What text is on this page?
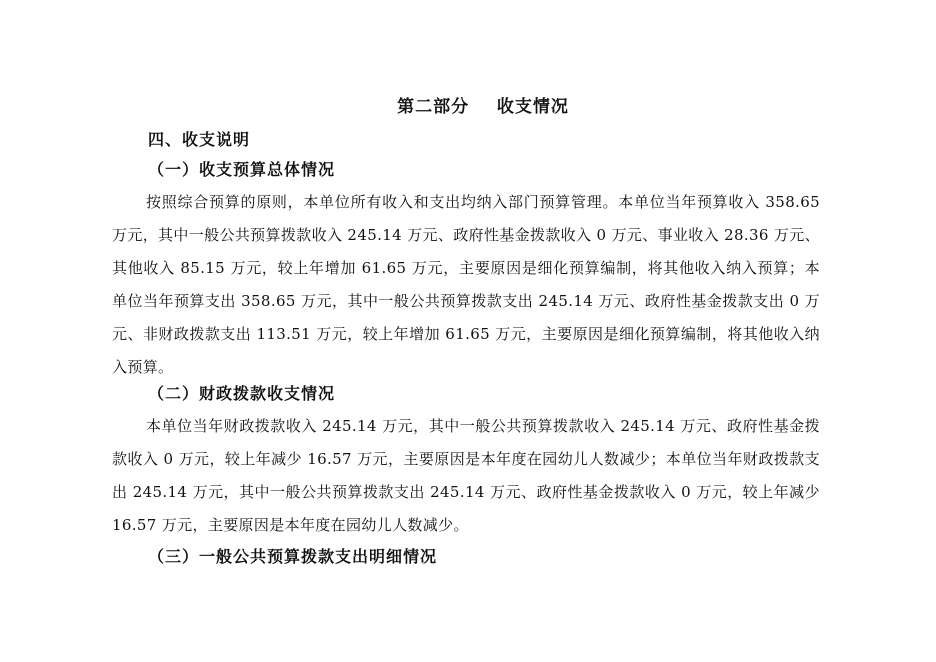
第二部分    收支情况
四、收支说明
（一）收支预算总体情况
按照综合预算的原则，本单位所有收入和支出均纳入部门预算管理。本单位当年预算收入 358.65 万元，其中一般公共预算拨款收入 245.14 万元、政府性基金拨款收入 0 万元、事业收入 28.36 万元、其他收入 85.15 万元，较上年增加 61.65 万元，主要原因是细化预算编制，将其他收入纳入预算；本单位当年预算支出 358.65 万元，其中一般公共预算拨款支出 245.14 万元、政府性基金拨款支出 0 万元、非财政拨款支出 113.51 万元，较上年增加 61.65 万元，主要原因是细化预算编制，将其他收入纳入预算。
（二）财政拨款收支情况
本单位当年财政拨款收入 245.14 万元，其中一般公共预算拨款收入 245.14 万元、政府性基金拨款收入 0 万元，较上年减少 16.57 万元，主要原因是本年度在园幼儿人数减少；本单位当年财政拨款支出 245.14 万元，其中一般公共预算拨款支出 245.14 万元、政府性基金拨款收入 0 万元，较上年减少 16.57 万元，主要原因是本年度在园幼儿人数减少。
（三）一般公共预算拨款支出明细情况
